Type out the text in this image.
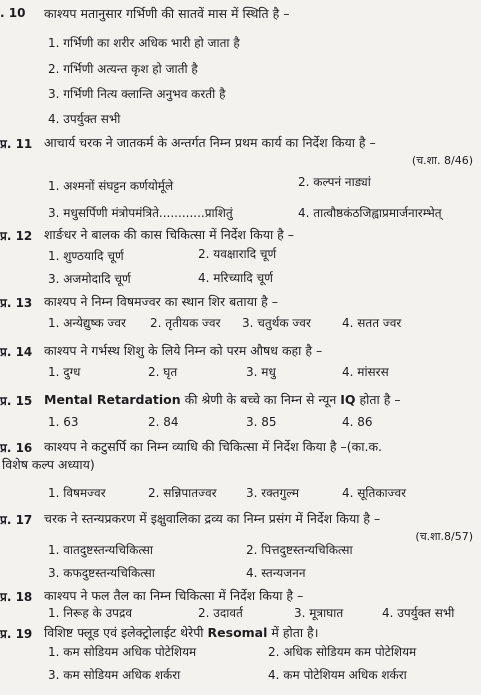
. 10 काश्यप मतानुसार गर्भिणी की सातवें मास में स्थिति है –
1. गर्भिणी का शरीर अधिक भारी हो जाता है
2. गर्भिणी अत्यन्त कृश हो जाती है
3. गर्भिणी नित्य क्लान्ति अनुभव करती है
4. उपर्युक्त सभी
प्र. 11 आचार्य चरक ने जातकर्म के अन्तर्गत निम्न प्रथम कार्य का निर्देश किया है –
(च.शा. 8/46)
1. अश्मनों संघट्टन कर्णयोर्मूले	2. कल्पनं नाड्यां
3. मधुसर्पिणी मंत्रोपमंत्रिते............प्राशितुं	4. तात्वौष्ठकंठजिह्वाप्रमार्जनारम्भेत्
प्र. 12 शार्ङधर ने बालक की कास चिकित्सा में निर्देश किया है –
1. शुण्ठयादि चूर्ण	2. यवक्षारादि चूर्ण
3. अजमोदादि चूर्ण	4. मरिच्यादि चूर्ण
प्र. 13 काश्यप ने निम्न विषमज्वर का स्थान शिर बताया है –
1. अन्येद्युष्क ज्वर 2. तृतीयक ज्वर 3. चतुर्थक ज्वर	4. सतत ज्वर
प्र. 14 काश्यप ने गर्भस्थ शिशु के लिये निम्न को परम औषध कहा है –
1. दुग्ध	2. घृत	3. मधु	4. मांसरस
प्र. 15 Mental Retardation की श्रेणी के बच्चे का निम्न से न्यून IQ होता है –
1. 63	2. 84	3. 85	4. 86
प्र. 16 काश्यप ने कटुसर्पि का निम्न व्याधि की चिकित्सा में निर्देश किया है –(का.क.
विशेष कल्प अध्याय)
1. विषमज्वर	2. सन्निपातज्वर 3. रक्तगुल्म	4. सूतिकाज्वर
प्र. 17 चरक ने स्तन्यप्रकरण में इक्षुवालिका द्रव्य का निम्न प्रसंग में निर्देश किया है –
(च.शा.8/57)
1. वातदुष्टस्तन्यचिकित्सा	2. पित्तदुष्टस्तन्यचिकित्सा
3. कफदुष्टस्तन्यचिकित्सा	4. स्तन्यजनन
प्र. 18 काश्यप ने फल तैल का निम्न चिकित्सा में निर्देश किया है –
1. निरूह के उपद्रव	2. उदावर्त	3. मूत्राघात	4. उपर्युक्त सभी
प्र. 19 विशिष्ट फ्लूड एवं इलेक्ट्रोलाईट थेरेपी Resomal में होता है।
1. कम सोडियम अधिक पोटेशियम	2. अधिक सोडियम कम पोटेशियम
3. कम सोडियम अधिक शर्करा	4. कम पोटेशियम अधिक शर्करा
